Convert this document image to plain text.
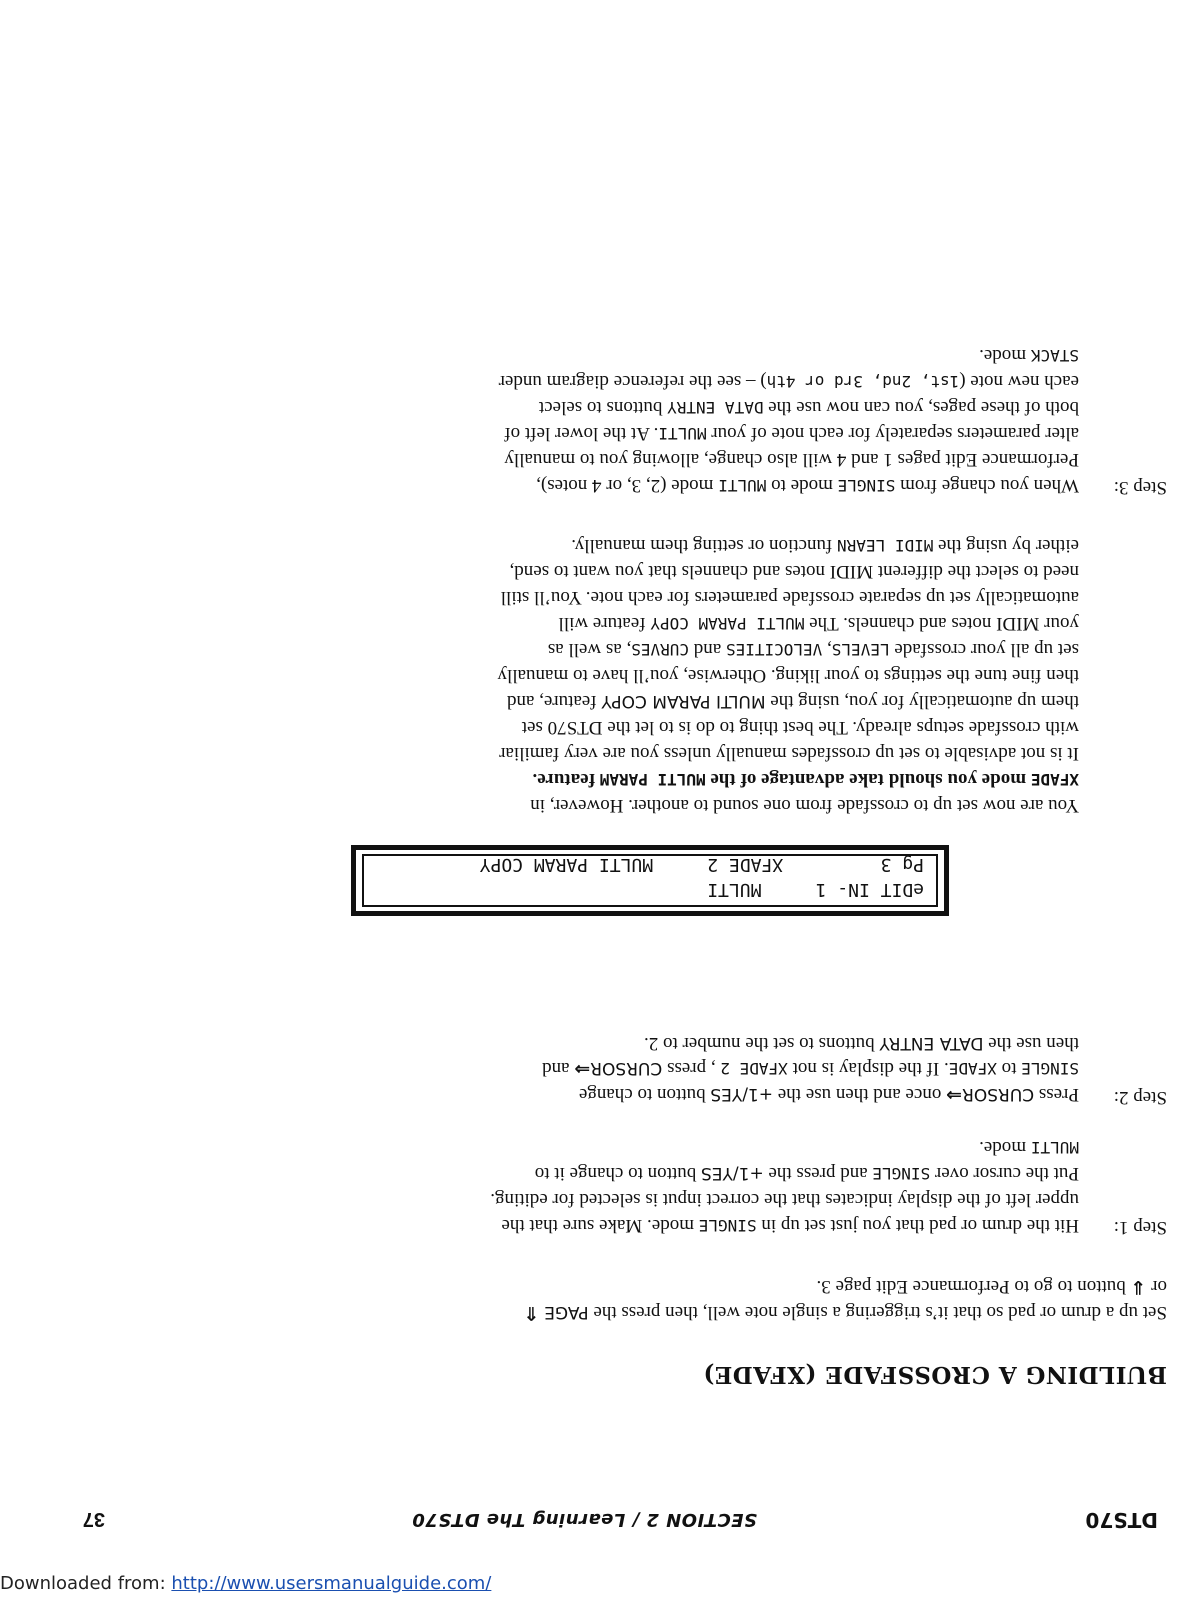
DTS70
SECTION 2 / Learning The DTS70
37
BUILDING A CROSSFADE (XFADE)
Set up a drum or pad so that it’s triggering a single note well, then press the PAGE ⇑
or ⇓ button to go to Performance Edit page 3.
Step 1:
Hit the drum or pad that you just set up in SINGLE mode. Make sure that the
upper left of the display indicates that the correct input is selected for editing.
Put the cursor over SINGLE and press the +1/YES button to change it to
MULTI mode.
Step 2:
Press CURSOR⇒ once and then use the +1/YES button to change
SINGLE to XFADE. If the display is not XFADE 2 , press CURSOR⇒ and
then use the DATA ENTRY buttons to set the number to 2.
eDIT IN- 1     MULTI
Pg 3         XFADE 2     MULTI PARAM COPY
You are now set up to crossfade from one sound to another. However, in
XFADE mode you should take advantage of the MULTI PARAM feature.
It is not advisable to set up crossfades manually unless you are very familiar
with crossfade setups already. The best thing to do is to let the DTS70 set
them up automatically for you, using the MULTI PARAM COPY feature, and
then fine tune the settings to your liking. Otherwise, you’ll have to manually
set up all your crossfade LEVELS, VELOCITIES and CURVES, as well as
your MIDI notes and channels. The MULTI PARAM COPY feature will
automatically set up separate crossfade parameters for each note. You’ll still
need to select the different MIDI notes and channels that you want to send,
either by using the MIDI LEARN function or setting them manually.
Step 3:
When you change from SINGLE mode to MULTI mode (2, 3, or 4 notes),
Performance Edit pages 1 and 4 will also change, allowing you to manually
alter parameters separately for each note of your MULTI. At the lower left of
both of these pages, you can now use the DATA ENTRY buttons to select
each new note (1st, 2nd, 3rd or 4th) – see the reference diagram under
STACK mode.
Downloaded from: http://www.usersmanualguide.com/
